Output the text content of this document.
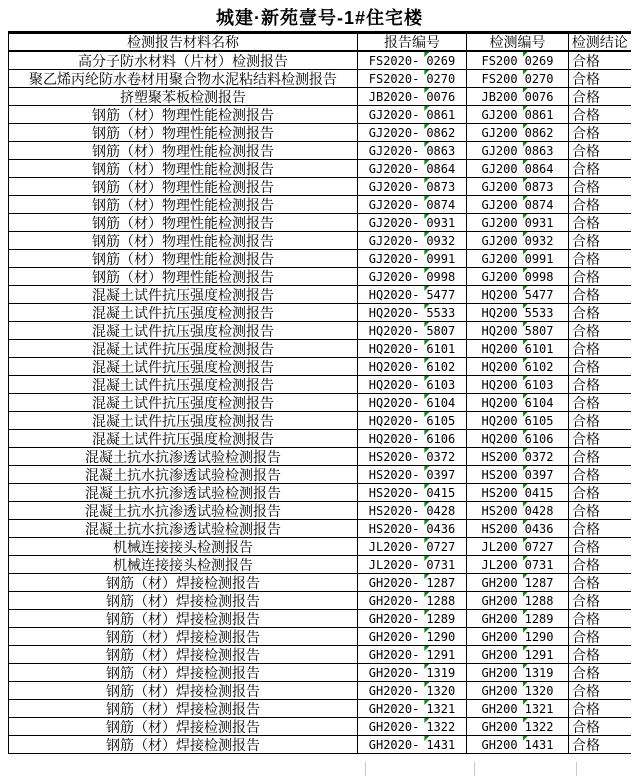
城建·新苑壹号-1#住宅楼
检测报告材料名称	报告编号	检测编号	检测结论
高分子防水材料（片材）检测报告	FS2020- 0269	FS200 0269	合格
聚乙烯丙纶防水卷材用聚合物水泥粘结料检测报告	FS2020- 0270	FS200 0270	合格
挤塑聚苯板检测报告	JB2020- 0076	JB200 0076	合格
钢筋（材）物理性能检测报告	GJ2020- 0861	GJ200 0861	合格
钢筋（材）物理性能检测报告	GJ2020- 0862	GJ200 0862	合格
钢筋（材）物理性能检测报告	GJ2020- 0863	GJ200 0863	合格
钢筋（材）物理性能检测报告	GJ2020- 0864	GJ200 0864	合格
钢筋（材）物理性能检测报告	GJ2020- 0873	GJ200 0873	合格
钢筋（材）物理性能检测报告	GJ2020- 0874	GJ200 0874	合格
钢筋（材）物理性能检测报告	GJ2020- 0931	GJ200 0931	合格
钢筋（材）物理性能检测报告	GJ2020- 0932	GJ200 0932	合格
钢筋（材）物理性能检测报告	GJ2020- 0991	GJ200 0991	合格
钢筋（材）物理性能检测报告	GJ2020- 0998	GJ200 0998	合格
混凝土试件抗压强度检测报告	HQ2020- 5477	HQ200 5477	合格
混凝土试件抗压强度检测报告	HQ2020- 5533	HQ200 5533	合格
混凝土试件抗压强度检测报告	HQ2020- 5807	HQ200 5807	合格
混凝土试件抗压强度检测报告	HQ2020- 6101	HQ200 6101	合格
混凝土试件抗压强度检测报告	HQ2020- 6102	HQ200 6102	合格
混凝土试件抗压强度检测报告	HQ2020- 6103	HQ200 6103	合格
混凝土试件抗压强度检测报告	HQ2020- 6104	HQ200 6104	合格
混凝土试件抗压强度检测报告	HQ2020- 6105	HQ200 6105	合格
混凝土试件抗压强度检测报告	HQ2020- 6106	HQ200 6106	合格
混凝土抗水抗渗透试验检测报告	HS2020- 0372	HS200 0372	合格
混凝土抗水抗渗透试验检测报告	HS2020- 0397	HS200 0397	合格
混凝土抗水抗渗透试验检测报告	HS2020- 0415	HS200 0415	合格
混凝土抗水抗渗透试验检测报告	HS2020- 0428	HS200 0428	合格
混凝土抗水抗渗透试验检测报告	HS2020- 0436	HS200 0436	合格
机械连接接头检测报告	JL2020- 0727	JL200 0727	合格
机械连接接头检测报告	JL2020- 0731	JL200 0731	合格
钢筋（材）焊接检测报告	GH2020- 1287	GH200 1287	合格
钢筋（材）焊接检测报告	GH2020- 1288	GH200 1288	合格
钢筋（材）焊接检测报告	GH2020- 1289	GH200 1289	合格
钢筋（材）焊接检测报告	GH2020- 1290	GH200 1290	合格
钢筋（材）焊接检测报告	GH2020- 1291	GH200 1291	合格
钢筋（材）焊接检测报告	GH2020- 1319	GH200 1319	合格
钢筋（材）焊接检测报告	GH2020- 1320	GH200 1320	合格
钢筋（材）焊接检测报告	GH2020- 1321	GH200 1321	合格
钢筋（材）焊接检测报告	GH2020- 1322	GH200 1322	合格
钢筋（材）焊接检测报告	GH2020- 1431	GH200 1431	合格
